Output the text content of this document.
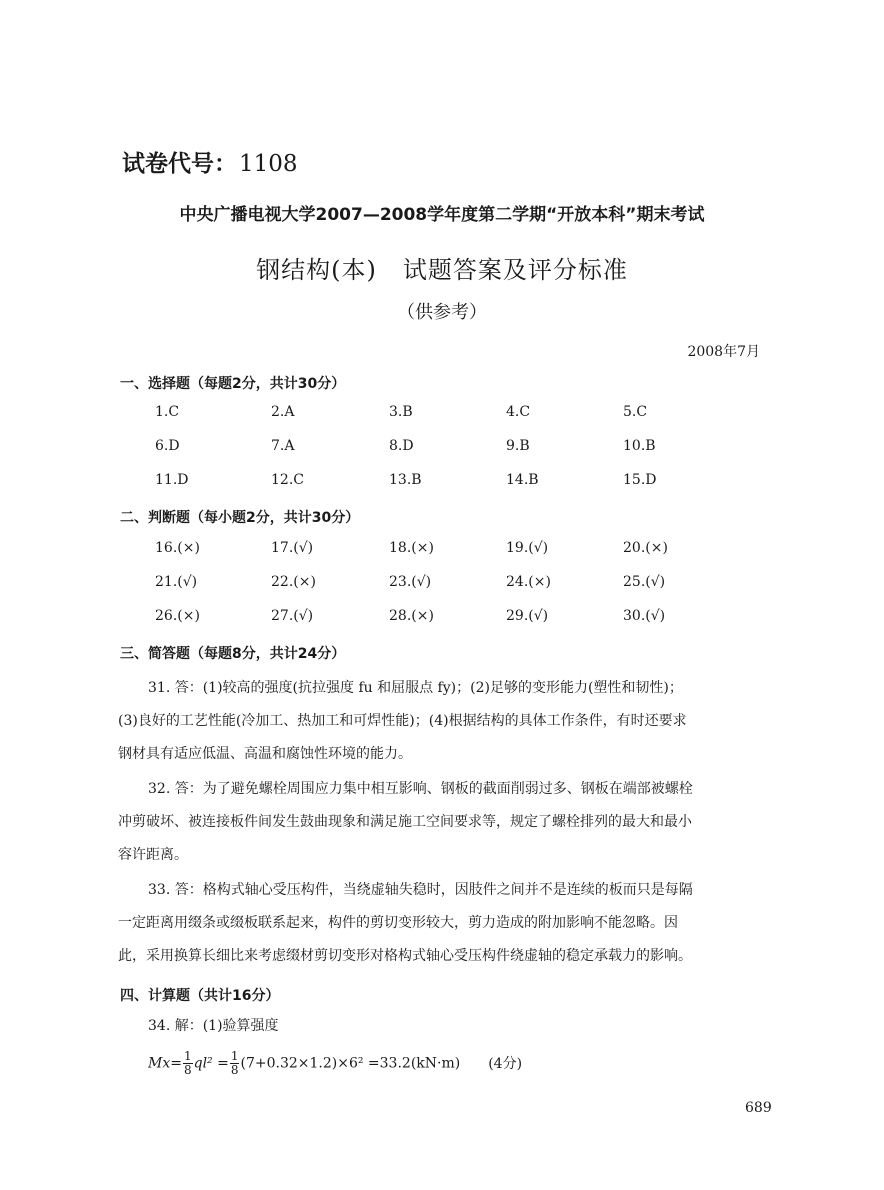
试卷代号：1108
中央广播电视大学2007—2008学年度第二学期“开放本科”期末考试
钢结构(本) 试题答案及评分标准
（供参考）
2008年7月
一、选择题（每题2分，共计30分）
1.C	2.A	3.B	4.C	5.C
6.D	7.A	8.D	9.B	10.B
11.D	12.C	13.B	14.B	15.D
二、判断题（每小题2分，共计30分）
16.(×)	17.(√)	18.(×)	19.(√)	20.(×)
21.(√)	22.(×)	23.(√)	24.(×)	25.(√)
26.(×)	27.(√)	28.(×)	29.(√)	30.(√)
三、简答题（每题8分，共计24分）
31. 答：(1)较高的强度(抗拉强度 fu 和屈服点 fy)；(2)足够的变形能力(塑性和韧性)；
(3)良好的工艺性能(冷加工、热加工和可焊性能)；(4)根据结构的具体工作条件，有时还要求
钢材具有适应低温、高温和腐蚀性环境的能力。
32. 答：为了避免螺栓周围应力集中相互影响、钢板的截面削弱过多、钢板在端部被螺栓
冲剪破坏、被连接板件间发生鼓曲现象和满足施工空间要求等，规定了螺栓排列的最大和最小
容许距离。
33. 答：格构式轴心受压构件，当绕虚轴失稳时，因肢件之间并不是连续的板而只是每隔
一定距离用缀条或缀板联系起来，构件的剪切变形较大，剪力造成的附加影响不能忽略。因
此，采用换算长细比来考虑缀材剪切变形对格构式轴心受压构件绕虚轴的稳定承载力的影响。
四、计算题（共计16分）
34. 解：(1)验算强度
$Mx= \frac{1}{8} ql^2 = \frac{1}{8} (7+0.32\times 1.2)\times 6^2 =33.2(kN\cdot m)$ (4分)
689
